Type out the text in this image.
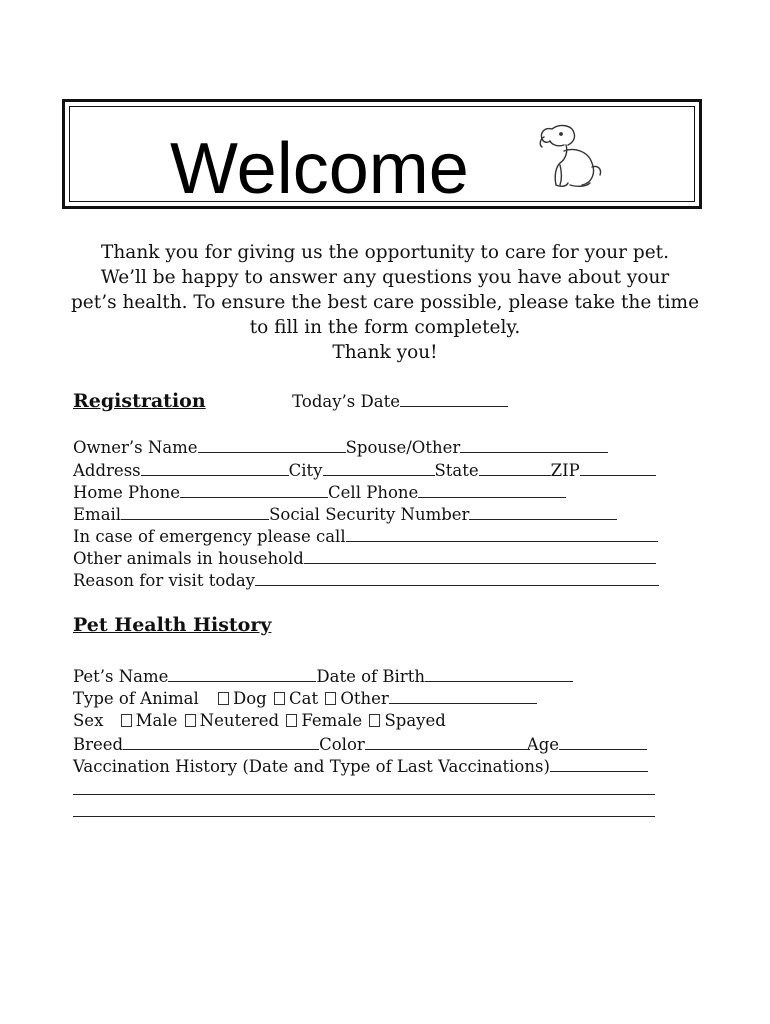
Welcome
Thank you for giving us the opportunity to care for your pet.
We’ll be happy to answer any questions you have about your
pet’s health. To ensure the best care possible, please take the time
to fill in the form completely.
Thank you!
Registration	Today’s Date
Owner’s Name	Spouse/Other
Address	City	State	ZIP
Home Phone	Cell Phone
Email	Social Security Number
In case of emergency please call
Other animals in household
Reason for visit today
Pet Health History
Pet’s Name	Date of Birth
Type of Animal Dog Cat Other
Sex Male Neutered Female Spayed
Breed	Color	Age
Vaccination History (Date and Type of Last Vaccinations)
